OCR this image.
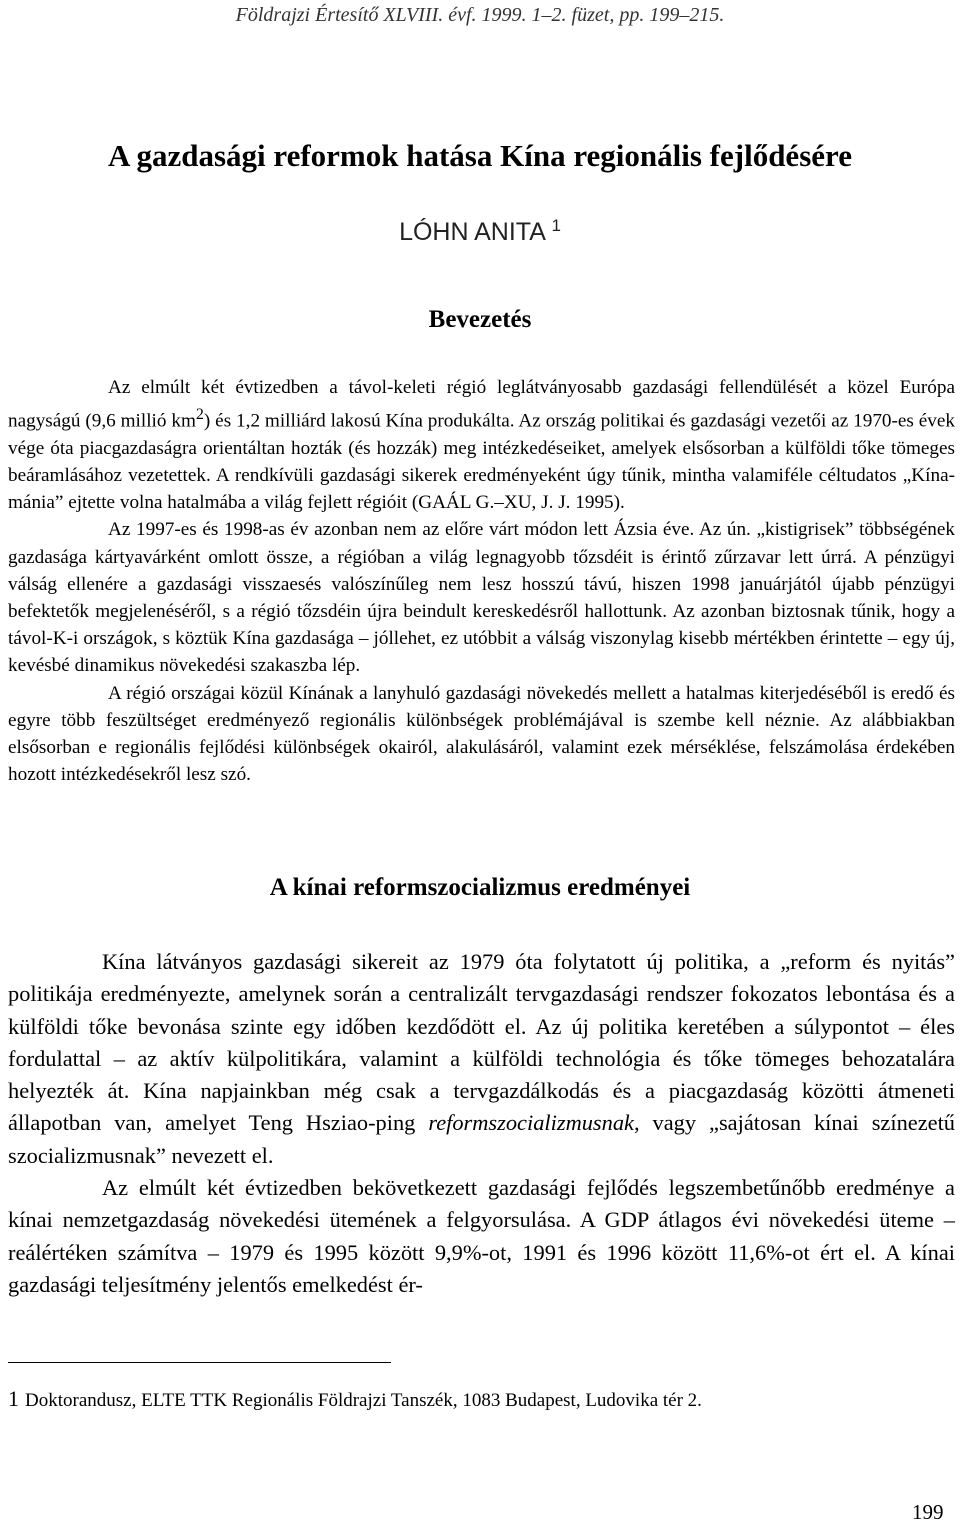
Földrajzi Értesítő XLVIII. évf. 1999. 1–2. füzet, pp. 199–215.

A gazdasági reformok hatása Kína regionális fejlődésére

LÓHN ANITA $^1$

Bevezetés

Az elmúlt két évtizedben a távol-keleti régió leglátványosabb gazdasági fellendülését a közel Európa nagyságú (9,6 millió $km^2$) és 1,2 milliárd lakosú Kína produkálta. Az ország politikai és gazdasági vezetői az 1970-es évek vége óta piacgazdaságra orientáltan hozták (és hozzák) meg intézkedéseiket, amelyek elsősorban a külföldi tőke tömeges beáramlásához vezetettek. A rendkívüli gazdasági sikerek eredményeként úgy tűnik, mintha valamiféle céltudatos „Kína-mánia” ejtette volna hatalmába a világ fejlett régióit (GAÁL G.–XU, J. J. 1995).

Az 1997-es és 1998-as év azonban nem az előre várt módon lett Ázsia éve. Az ún. „kistigrisek” többségének gazdasága kártyavárként omlott össze, a régióban a világ legnagyobb tőzsdéit is érintő zűrzavar lett úrrá. A pénzügyi válság ellenére a gazdasági visszaesés valószínűleg nem lesz hosszú távú, hiszen 1998 januárjától újabb pénzügyi befektetők megjelenéséről, s a régió tőzsdéin újra beindult kereskedésről hallottunk. Az azonban biztosnak tűnik, hogy a távol-K-i országok, s köztük Kína gazdasága – jóllehet, ez utóbbit a válság viszonylag kisebb mértékben érintette – egy új, kevésbé dinamikus növekedési szakaszba lép.

A régió országai közül Kínának a lanyhuló gazdasági növekedés mellett a hatalmas kiterjedéséből is eredő és egyre több feszültséget eredményező regionális különbségek problémájával is szembe kell néznie. Az alábbiakban elsősorban e regionális fejlődési különbségek okairól, alakulásáról, valamint ezek mérséklése, felszámolása érdekében hozott intézkedésekről lesz szó.

A kínai reformszocializmus eredményei

Kína látványos gazdasági sikereit az 1979 óta folytatott új politika, a „reform és nyitás” politikája eredményezte, amelynek során a centralizált tervgazdasági rendszer fokozatos lebontása és a külföldi tőke bevonása szinte egy időben kezdődött el. Az új politika keretében a súlypontot – éles fordulattal – az aktív külpolitikára, valamint a külföldi technológia és tőke tömeges behozatalára helyezték át. Kína napjainkban még csak a tervgazdálkodás és a piacgazdaság közötti átmeneti állapotban van, amelyet Teng Hsziao-ping reformszocializmusnak, vagy „sajátosan kínai színezetű szocializmusnak” nevezett el.

Az elmúlt két évtizedben bekövetkezett gazdasági fejlődés legszembetűnőbb eredménye a kínai nemzetgazdaság növekedési ütemének a felgyorsulása. A GDP átlagos évi növekedési üteme – reálértéken számítva – 1979 és 1995 között 9,9%-ot, 1991 és 1996 között 11,6%-ot ért el. A kínai gazdasági teljesítmény jelentős emelkedést ér-

1 Doktorandusz, ELTE TTK Regionális Földrajzi Tanszék, 1083 Budapest, Ludovika tér 2.

199
